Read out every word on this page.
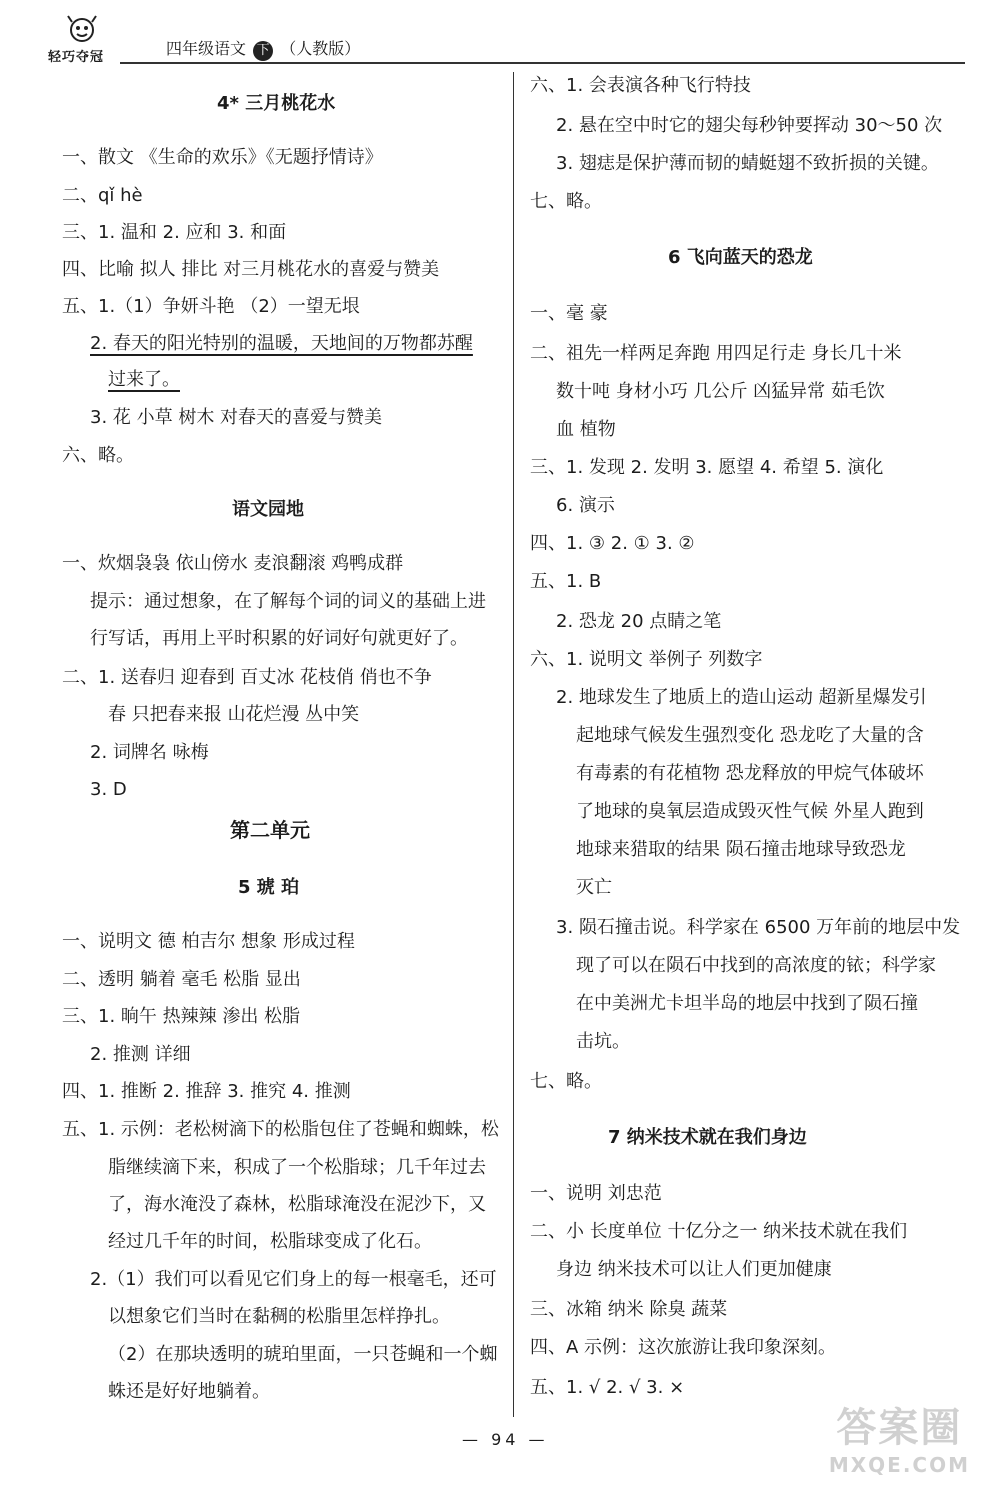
轻巧夺冠	四年级语文 下 （人教版）
4* 三月桃花水
一、散文 《生命的欢乐》《无题抒情诗》
二、qǐ hè
三、1. 温和 2. 应和 3. 和面
四、比喻 拟人 排比 对三月桃花水的喜爱与赞美
五、1.（1）争妍斗艳 （2）一望无垠
2. 春天的阳光特别的温暖，天地间的万物都苏醒
过来了。
3. 花 小草 树木 对春天的喜爱与赞美
六、略。
语文园地
一、炊烟袅袅 依山傍水 麦浪翻滚 鸡鸭成群
提示：通过想象，在了解每个词的词义的基础上进
行写话，再用上平时积累的好词好句就更好了。
二、1. 送春归 迎春到 百丈冰 花枝俏 俏也不争
春 只把春来报 山花烂漫 丛中笑
2. 词牌名 咏梅
3. D
第二单元
5 琥 珀
一、说明文 德 柏吉尔 想象 形成过程
二、透明 躺着 毫毛 松脂 显出
三、1. 晌午 热辣辣 渗出 松脂
2. 推测 详细
四、1. 推断 2. 推辞 3. 推究 4. 推测
五、1. 示例：老松树滴下的松脂包住了苍蝇和蜘蛛，松
脂继续滴下来，积成了一个松脂球；几千年过去
了，海水淹没了森林，松脂球淹没在泥沙下，又
经过几千年的时间，松脂球变成了化石。
2.（1）我们可以看见它们身上的每一根毫毛，还可
以想象它们当时在黏稠的松脂里怎样挣扎。
（2）在那块透明的琥珀里面，一只苍蝇和一个蜘
蛛还是好好地躺着。
六、1. 会表演各种飞行特技
2. 悬在空中时它的翅尖每秒钟要挥动 30～50 次
3. 翅痣是保护薄而韧的蜻蜓翅不致折损的关键。
七、略。
6 飞向蓝天的恐龙
一、毫 豪
二、祖先一样两足奔跑 用四足行走 身长几十米
数十吨 身材小巧 几公斤 凶猛异常 茹毛饮
血 植物
三、1. 发现 2. 发明 3. 愿望 4. 希望 5. 演化
6. 演示
四、1. ③ 2. ① 3. ②
五、1. B
2. 恐龙 20 点睛之笔
六、1. 说明文 举例子 列数字
2. 地球发生了地质上的造山运动 超新星爆发引
起地球气候发生强烈变化 恐龙吃了大量的含
有毒素的有花植物 恐龙释放的甲烷气体破坏
了地球的臭氧层造成毁灭性气候 外星人跑到
地球来猎取的结果 陨石撞击地球导致恐龙
灭亡
3. 陨石撞击说。科学家在 6500 万年前的地层中发
现了可以在陨石中找到的高浓度的铱；科学家
在中美洲尤卡坦半岛的地层中找到了陨石撞
击坑。
七、略。
7 纳米技术就在我们身边
一、说明 刘忠范
二、小 长度单位 十亿分之一 纳米技术就在我们
身边 纳米技术可以让人们更加健康
三、冰箱 纳米 除臭 蔬菜
四、A 示例：这次旅游让我印象深刻。
五、1. √ 2. √ 3. ×
— 94 —	答案圈
MXQE.COM
